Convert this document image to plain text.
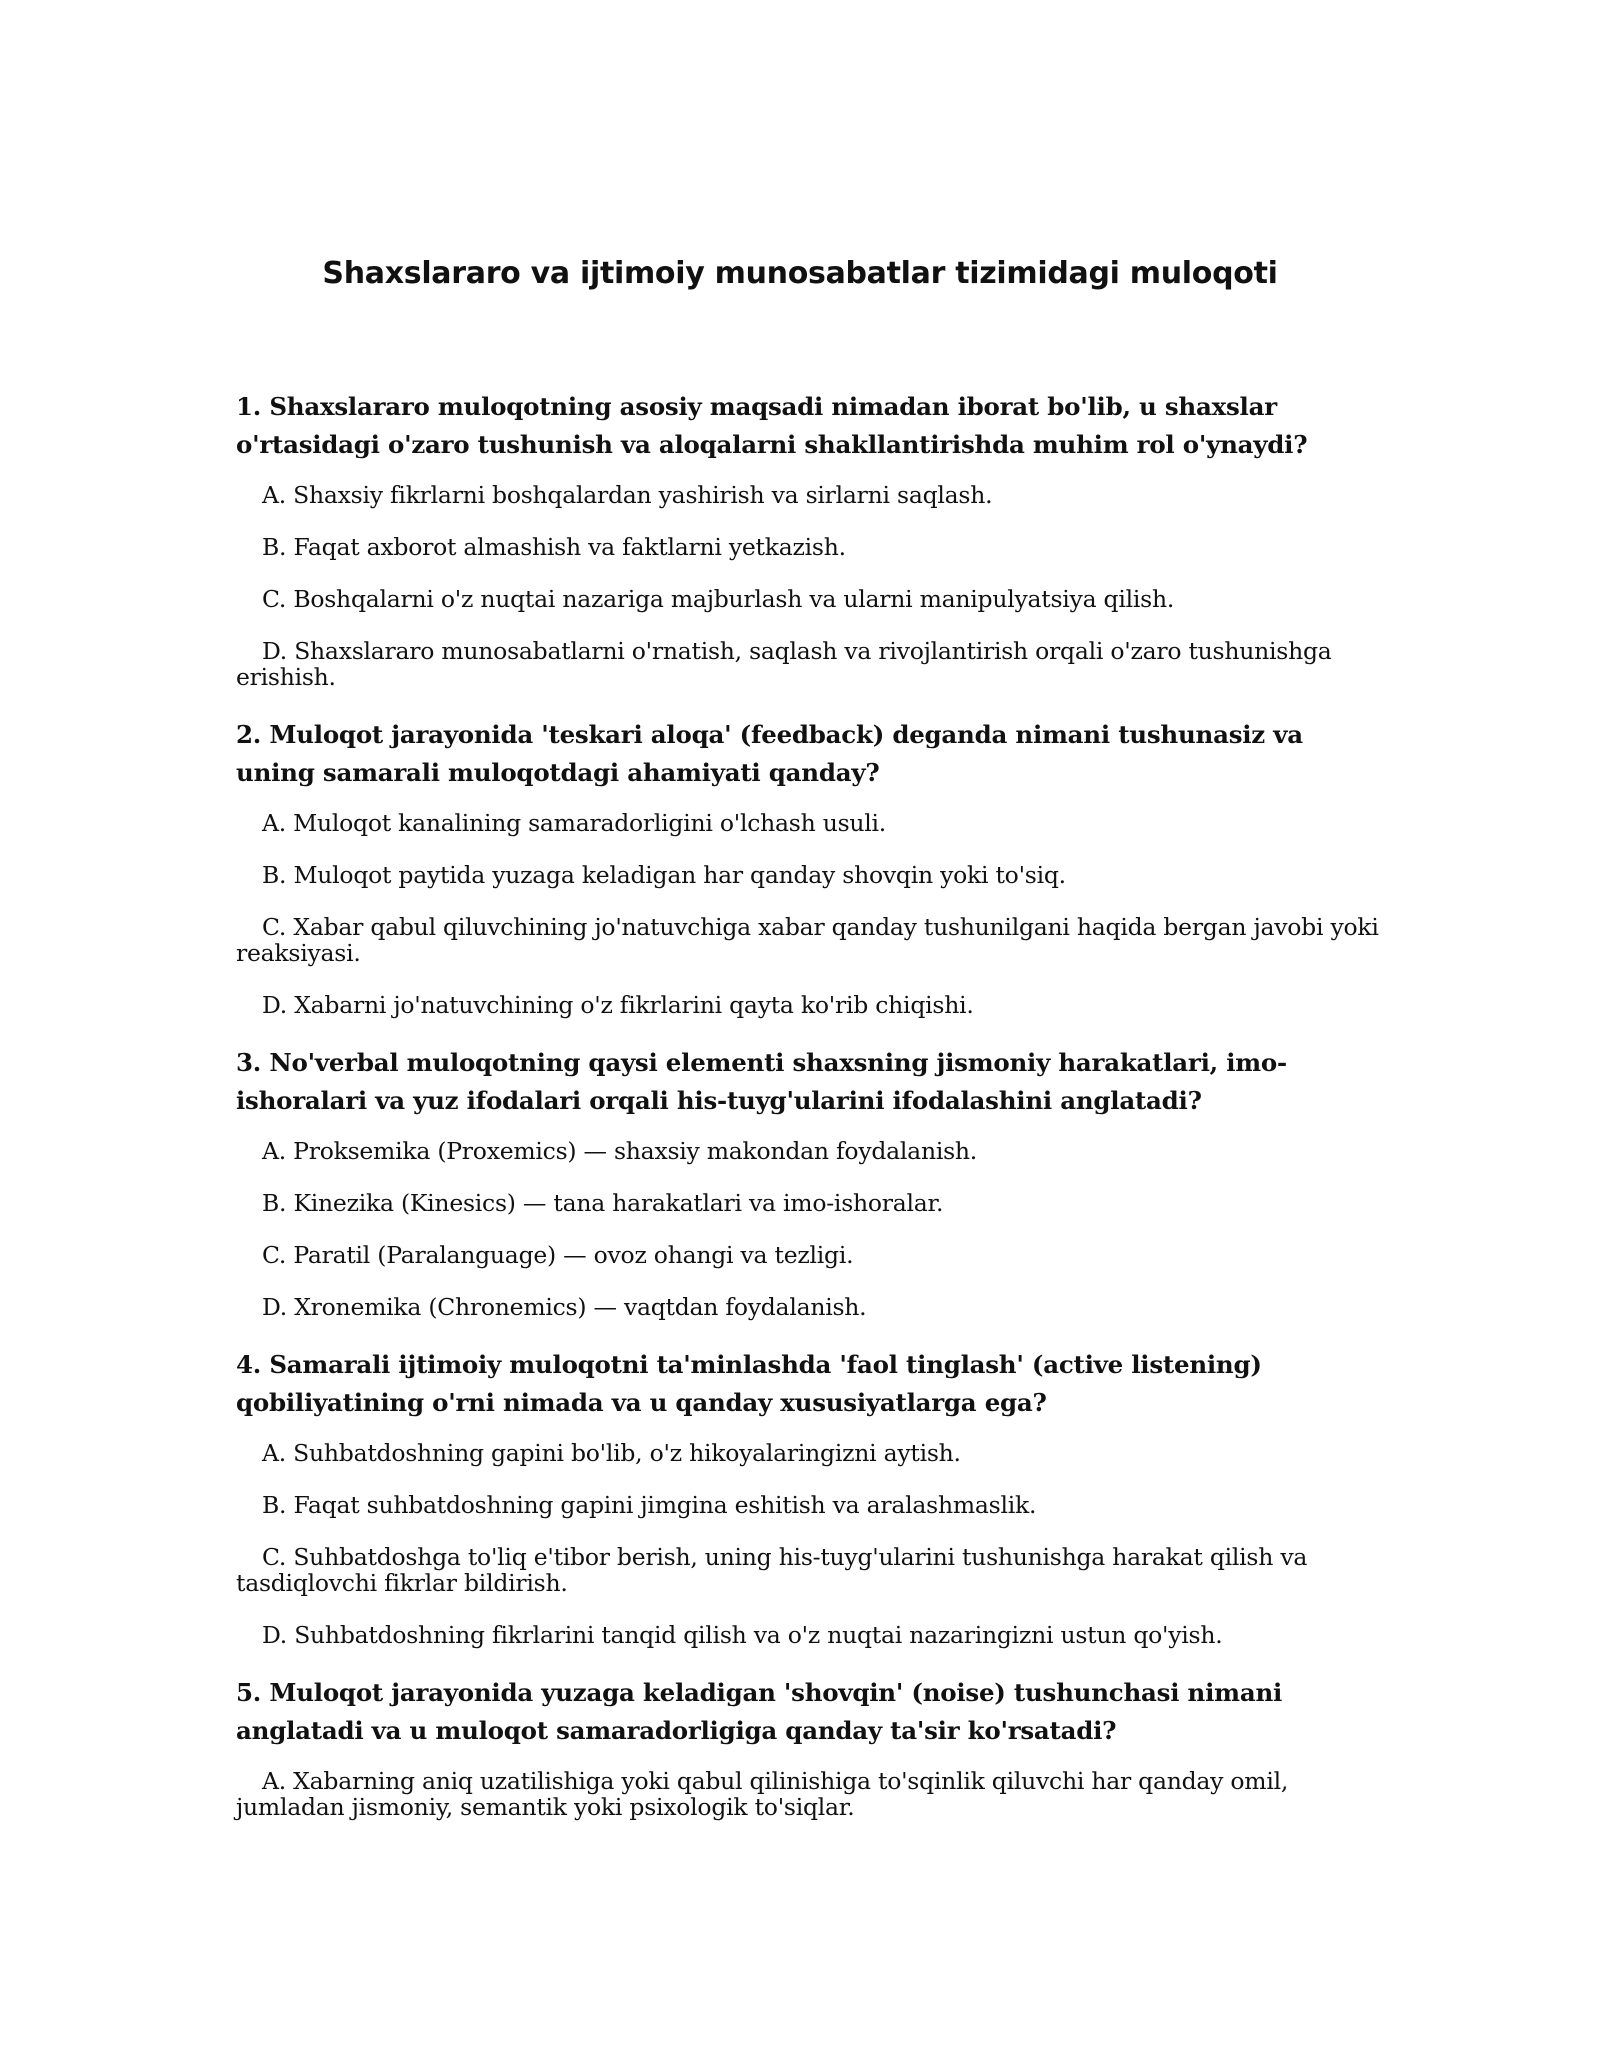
Shaxslararo va ijtimoiy munosabatlar tizimidagi muloqoti

1. Shaxslararo muloqotning asosiy maqsadi nimadan iborat bo'lib, u shaxslar o'rtasidagi o'zaro tushunish va aloqalarni shakllantirishda muhim rol o'ynaydi?

A. Shaxsiy fikrlarni boshqalardan yashirish va sirlarni saqlash.

B. Faqat axborot almashish va faktlarni yetkazish.

C. Boshqalarni o'z nuqtai nazariga majburlash va ularni manipulyatsiya qilish.

D. Shaxslararo munosabatlarni o'rnatish, saqlash va rivojlantirish orqali o'zaro tushunishga erishish.

2. Muloqot jarayonida 'teskari aloqa' (feedback) deganda nimani tushunasiz va uning samarali muloqotdagi ahamiyati qanday?

A. Muloqot kanalining samaradorligini o'lchash usuli.

B. Muloqot paytida yuzaga keladigan har qanday shovqin yoki to'siq.

C. Xabar qabul qiluvchining jo'natuvchiga xabar qanday tushunilgani haqida bergan javobi yoki reaksiyasi.

D. Xabarni jo'natuvchining o'z fikrlarini qayta ko'rib chiqishi.

3. No'verbal muloqotning qaysi elementi shaxsning jismoniy harakatlari, imo-ishoralari va yuz ifodalari orqali his-tuyg'ularini ifodalashini anglatadi?

A. Proksemika (Proxemics) — shaxsiy makondan foydalanish.

B. Kinezika (Kinesics) — tana harakatlari va imo-ishoralar.

C. Paratil (Paralanguage) — ovoz ohangi va tezligi.

D. Xronemika (Chronemics) — vaqtdan foydalanish.

4. Samarali ijtimoiy muloqotni ta'minlashda 'faol tinglash' (active listening) qobiliyatining o'rni nimada va u qanday xususiyatlarga ega?

A. Suhbatdoshning gapini bo'lib, o'z hikoyalaringizni aytish.

B. Faqat suhbatdoshning gapini jimgina eshitish va aralashmaslik.

C. Suhbatdoshga to'liq e'tibor berish, uning his-tuyg'ularini tushunishga harakat qilish va tasdiqlovchi fikrlar bildirish.

D. Suhbatdoshning fikrlarini tanqid qilish va o'z nuqtai nazaringizni ustun qo'yish.

5. Muloqot jarayonida yuzaga keladigan 'shovqin' (noise) tushunchasi nimani anglatadi va u muloqot samaradorligiga qanday ta'sir ko'rsatadi?

A. Xabarning aniq uzatilishiga yoki qabul qilinishiga to'sqinlik qiluvchi har qanday omil, jumladan jismoniy, semantik yoki psixologik to'siqlar.
